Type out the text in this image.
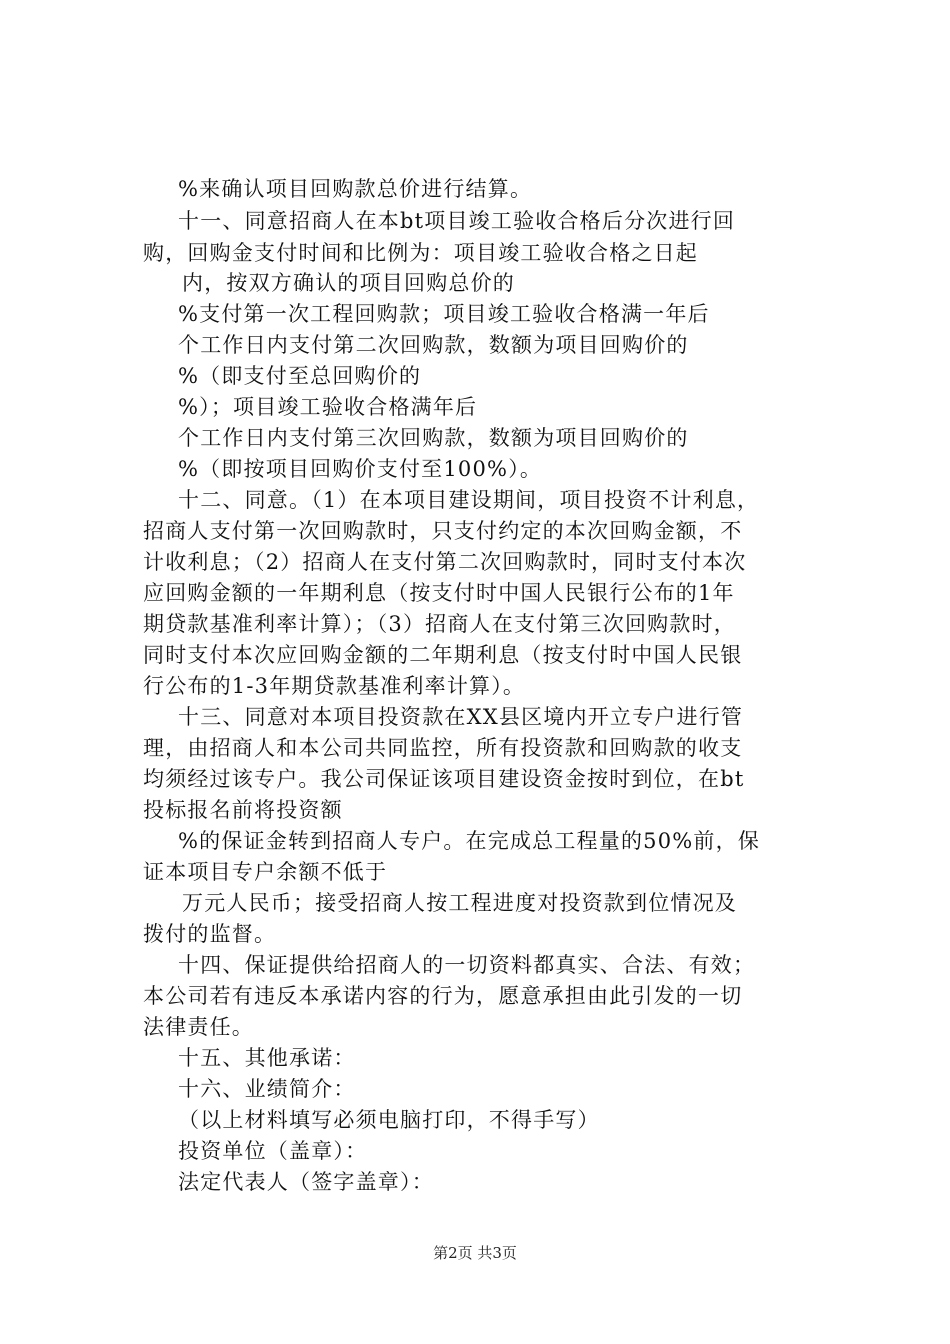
%来确认项目回购款总价进行结算。
十一、同意招商人在本bt项目竣工验收合格后分次进行回
购，回购金支付时间和比例为：项目竣工验收合格之日起
内，按双方确认的项目回购总价的
%支付第一次工程回购款；项目竣工验收合格满一年后
个工作日内支付第二次回购款，数额为项目回购价的
%（即支付至总回购价的
%）；项目竣工验收合格满年后
个工作日内支付第三次回购款，数额为项目回购价的
%（即按项目回购价支付至100%）。
十二、同意。（1）在本项目建设期间，项目投资不计利息，
招商人支付第一次回购款时，只支付约定的本次回购金额，不
计收利息；（2）招商人在支付第二次回购款时，同时支付本次
应回购金额的一年期利息（按支付时中国人民银行公布的1年
期贷款基准利率计算）；（3）招商人在支付第三次回购款时，
同时支付本次应回购金额的二年期利息（按支付时中国人民银
行公布的1-3年期贷款基准利率计算）。
十三、同意对本项目投资款在XX县区境内开立专户进行管
理，由招商人和本公司共同监控，所有投资款和回购款的收支
均须经过该专户。我公司保证该项目建设资金按时到位，在bt
投标报名前将投资额
%的保证金转到招商人专户。在完成总工程量的50%前，保
证本项目专户余额不低于
万元人民币；接受招商人按工程进度对投资款到位情况及
拨付的监督。
十四、保证提供给招商人的一切资料都真实、合法、有效；
本公司若有违反本承诺内容的行为，愿意承担由此引发的一切
法律责任。
十五、其他承诺：
十六、业绩简介：
（以上材料填写必须电脑打印，不得手写）
投资单位（盖章）：
法定代表人（签字盖章）：
第2页 共3页
